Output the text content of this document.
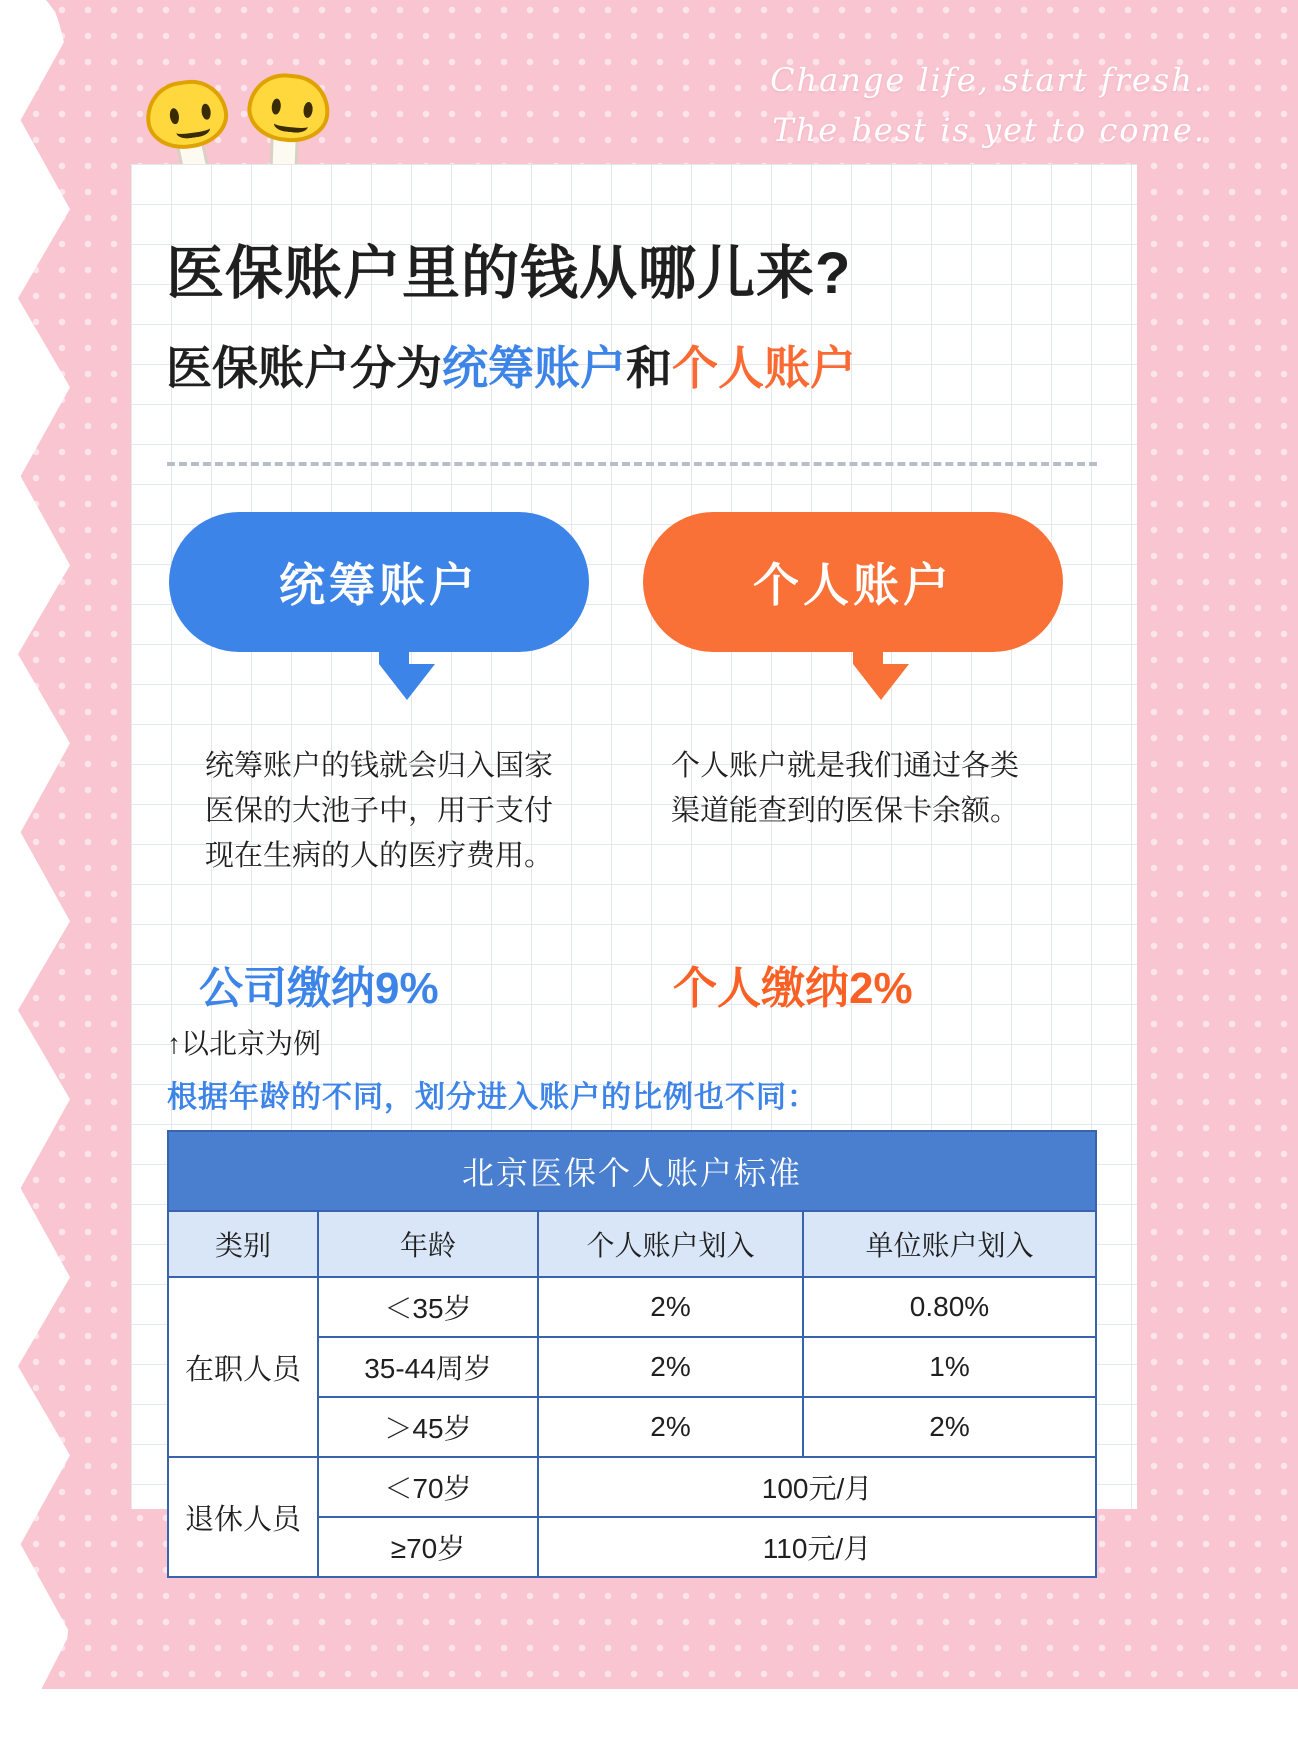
Change life, start fresh.
The best is yet to come.
医保账户里的钱从哪儿来?
医保账户分为统筹账户和个人账户
统筹账户
统筹账户的钱就会归入国家医保的大池子中，用于支付现在生病的人的医疗费用。
公司缴纳9%
个人账户
个人账户就是我们通过各类渠道能查到的医保卡余额。
个人缴纳2%
↑以北京为例
根据年龄的不同，划分进入账户的比例也不同：
北京医保个人账户标准			
类别	年龄	个人账户划入	单位账户划入
在职人员	＜35岁	2%	0.80%
	35-44周岁	2%	1%
	＞45岁	2%	2%
退休人员	＜70岁	100元/月	
	≥70岁	110元/月	
